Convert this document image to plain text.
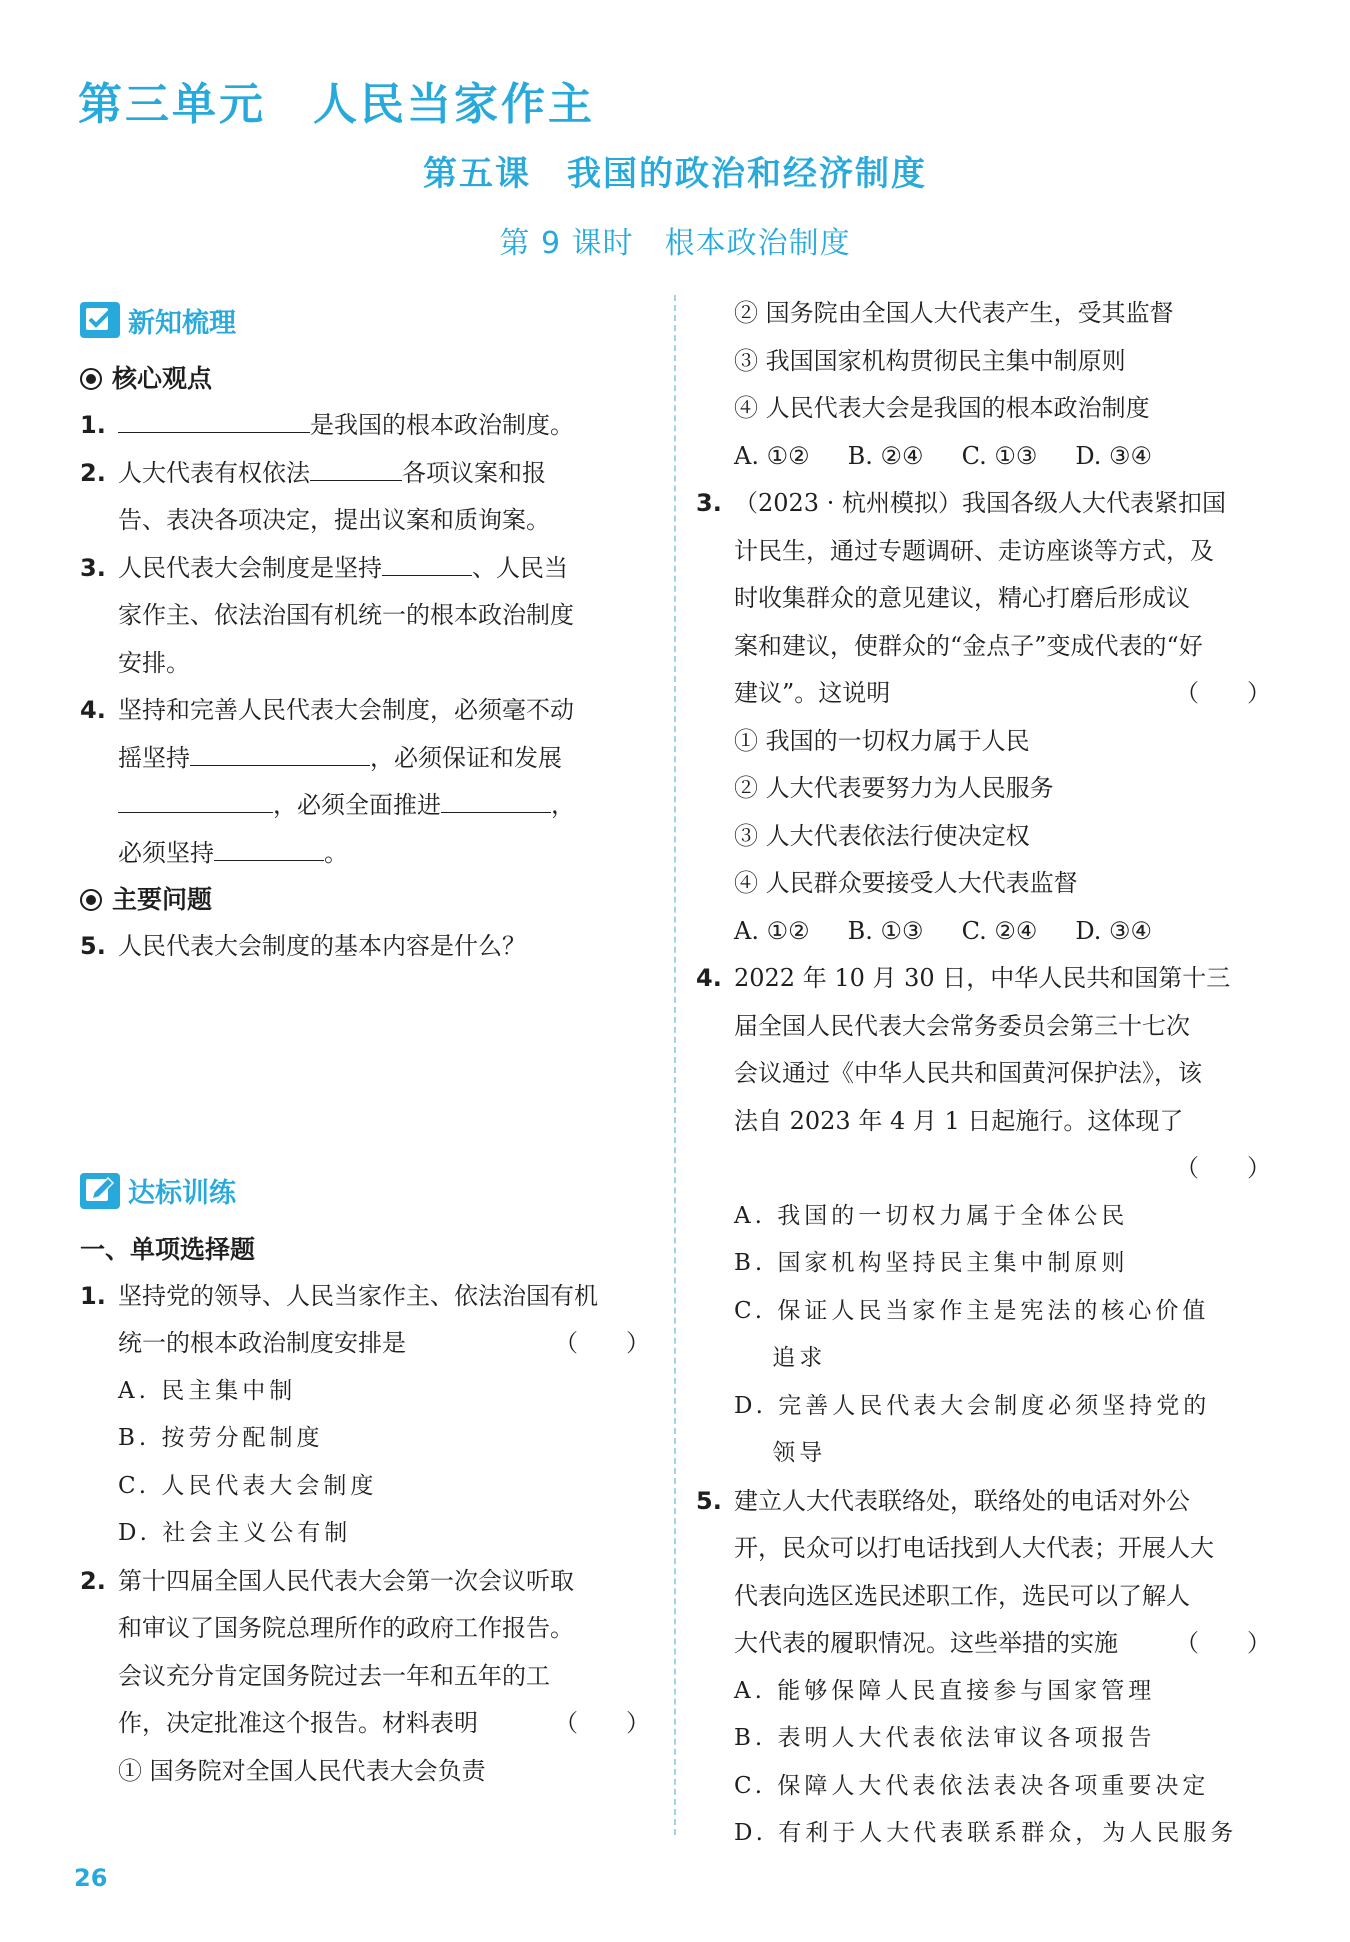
第三单元　人民当家作主
第五课　我国的政治和经济制度
第 9 课时　根本政治制度
新知梳理
核心观点
1.	是我国的根本政治制度。
2. 人大代表有权依法	各项议案和报
告、表决各项决定，提出议案和质询案。
3. 人民代表大会制度是坚持	、人民当
家作主、依法治国有机统一的根本政治制度
安排。
4. 坚持和完善人民代表大会制度，必须毫不动
摇坚持	，必须保证和发展
，必须全面推进	，
必须坚持	。
主要问题
5. 人民代表大会制度的基本内容是什么？
达标训练
一、单项选择题
1. 坚持党的领导、人民当家作主、依法治国有机
统一的根本政治制度安排是	（　　）
A. 民主集中制
B. 按劳分配制度
C. 人民代表大会制度
D. 社会主义公有制
2. 第十四届全国人民代表大会第一次会议听取
和审议了国务院总理所作的政府工作报告。
会议充分肯定国务院过去一年和五年的工
作，决定批准这个报告。材料表明	（　　）
① 国务院对全国人民代表大会负责
② 国务院由全国人大代表产生，受其监督
③ 我国国家机构贯彻民主集中制原则
④ 人民代表大会是我国的根本政治制度
A. ①② B. ②④ C. ①③ D. ③④
3. （2023 · 杭州模拟）我国各级人大代表紧扣国
计民生，通过专题调研、走访座谈等方式，及
时收集群众的意见建议，精心打磨后形成议
案和建议，使群众的“金点子”变成代表的“好
建议”。这说明	（　　）
① 我国的一切权力属于人民
② 人大代表要努力为人民服务
③ 人大代表依法行使决定权
④ 人民群众要接受人大代表监督
A. ①② B. ①③ C. ②④ D. ③④
4. 2022 年 10 月 30 日，中华人民共和国第十三
届全国人民代表大会常务委员会第三十七次
会议通过《中华人民共和国黄河保护法》，该
法自 2023 年 4 月 1 日起施行。这体现了
（　　）

A. 我国的一切权力属于全体公民
B. 国家机构坚持民主集中制原则
C. 保证人民当家作主是宪法的核心价值
　 追求
D. 完善人民代表大会制度必须坚持党的
　 领导
5. 建立人大代表联络处，联络处的电话对外公
开，民众可以打电话找到人大代表；开展人大
代表向选区选民述职工作，选民可以了解人
大代表的履职情况。这些举措的实施 （　　）
A. 能够保障人民直接参与国家管理
B. 表明人大代表依法审议各项报告
C. 保障人大代表依法表决各项重要决定
D. 有利于人大代表联系群众，为人民服务
26
